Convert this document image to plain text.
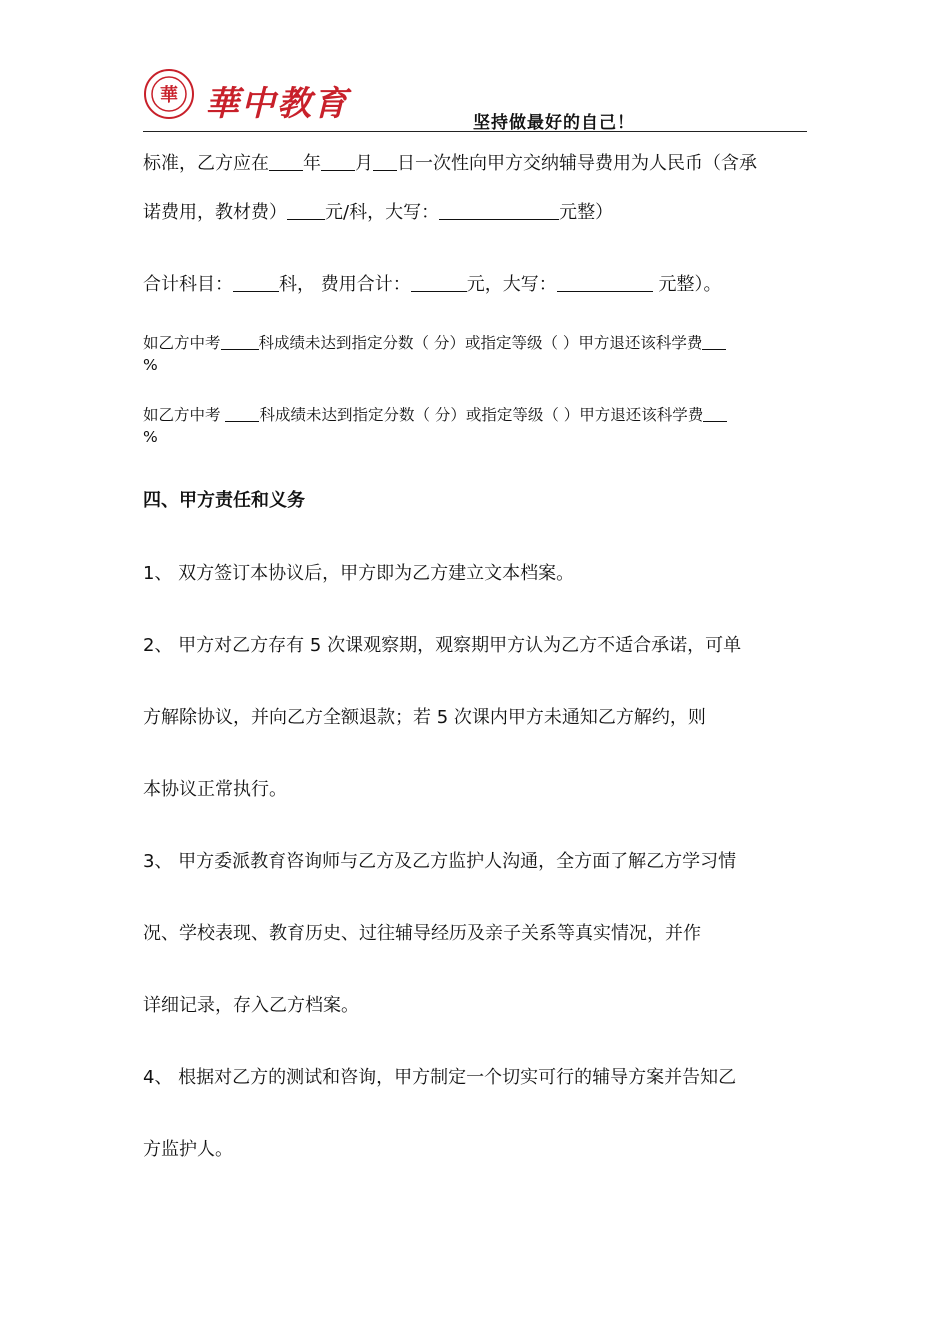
華 華中教育	坚持做最好的自己！
标准，乙方应在 年 月 日一次性向甲方交纳辅导费用为人民币（含承
诺费用，教材费） 元/科，大写：	元整）
合计科目：	科， 费用合计：	元，大写：	元整）。
如乙方中考 科成绩未达到指定分数（ 分）或指定等级（ ）甲方退还该科学费
%
如乙方中考 科成绩未达到指定分数（ 分）或指定等级（ ）甲方退还该科学费
%
四、甲方责任和义务
1、 双方签订本协议后，甲方即为乙方建立文本档案。
2、 甲方对乙方存有 5 次课观察期，观察期甲方认为乙方不适合承诺，可单
方解除协议，并向乙方全额退款；若 5 次课内甲方未通知乙方解约，则
本协议正常执行。
3、 甲方委派教育咨询师与乙方及乙方监护人沟通，全方面了解乙方学习情
况、学校表现、教育历史、过往辅导经历及亲子关系等真实情况，并作
详细记录，存入乙方档案。
4、 根据对乙方的测试和咨询，甲方制定一个切实可行的辅导方案并告知乙
方监护人。
